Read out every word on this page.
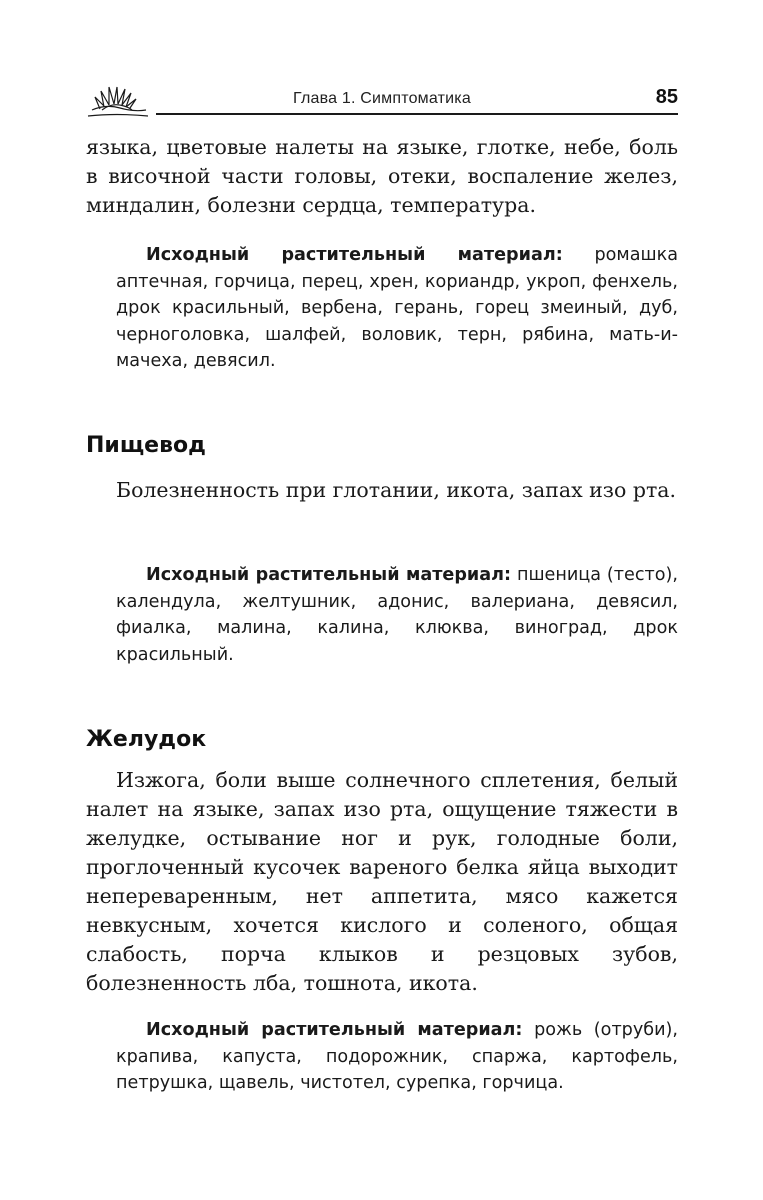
Глава 1. Симптоматика	85

языка, цветовые налеты на языке, глотке, небе, боль в височной части головы, отеки, воспаление желез, миндалин, болезни сердца, температура.

Исходный растительный материал: ромашка аптечная, горчица, перец, хрен, кориандр, укроп, фенхель, дрок красильный, вербена, герань, горец змеиный, дуб, черноголовка, шалфей, воловик, терн, рябина, мать-и-мачеха, девясил.

Пищевод

Болезненность при глотании, икота, запах изо рта.

Исходный растительный материал: пшеница (тесто), календула, желтушник, адонис, валериана, девясил, фиалка, малина, калина, клюква, виноград, дрок красильный.

Желудок

Изжога, боли выше солнечного сплетения, белый налет на языке, запах изо рта, ощущение тяжести в желудке, остывание ног и рук, голодные боли, проглоченный кусочек вареного белка яйца выходит непереваренным, нет аппетита, мясо кажется невкусным, хочется кислого и соленого, общая слабость, порча клыков и резцовых зубов, болезненность лба, тошнота, икота.

Исходный растительный материал: рожь (отруби), крапива, капуста, подорожник, спаржа, картофель, петрушка, щавель, чистотел, сурепка, горчица.
